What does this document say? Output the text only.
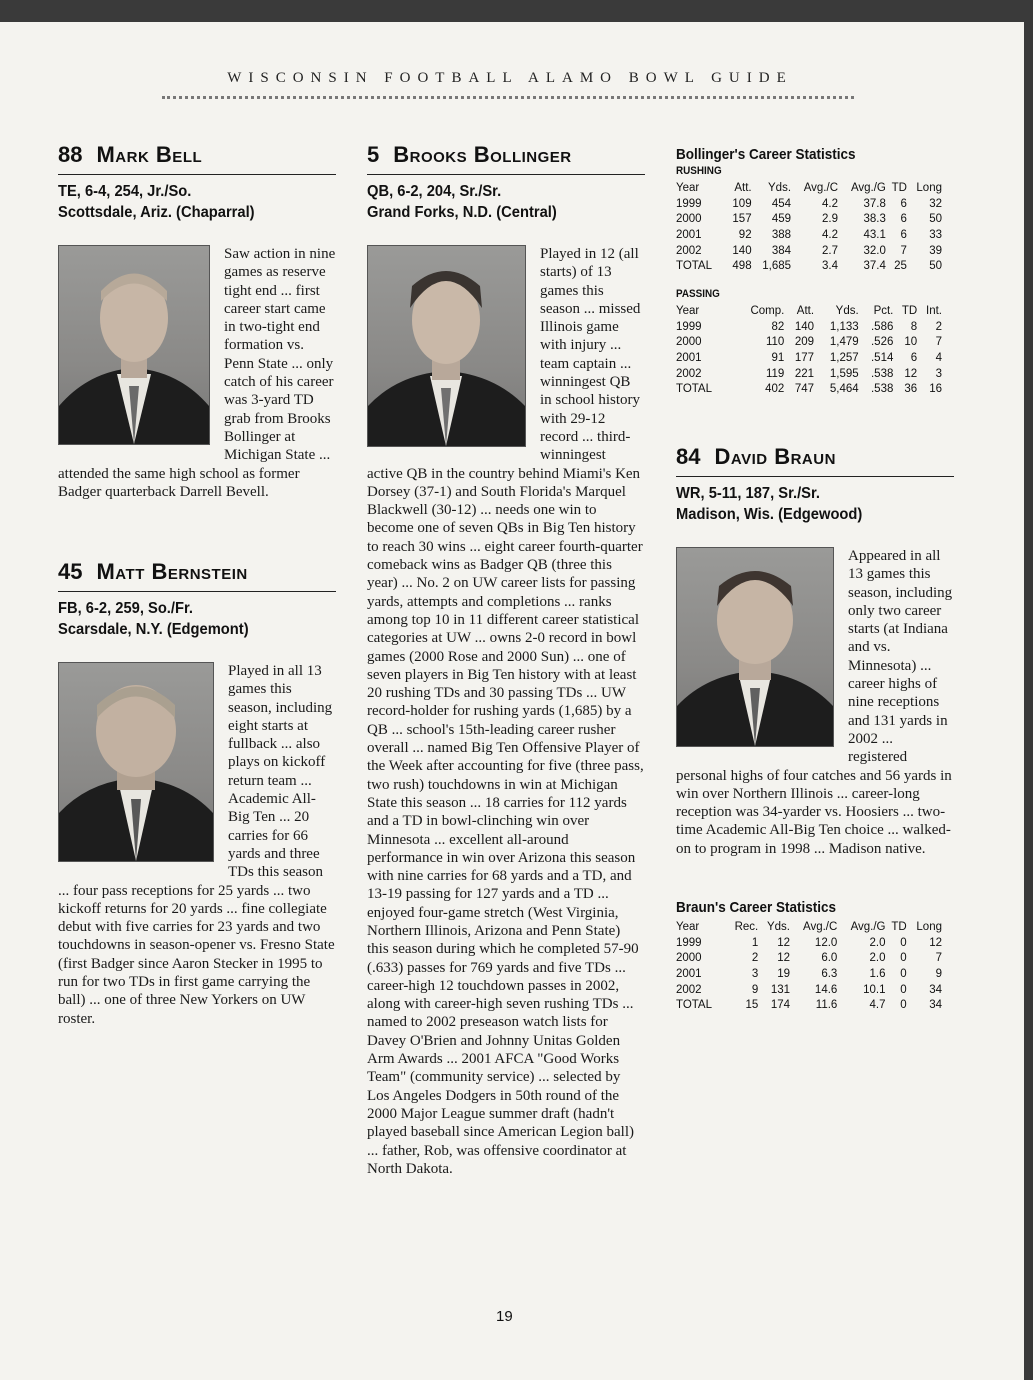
WISCONSIN FOOTBALL ALAMO BOWL GUIDE
88 Mark Bell
TE, 6-4, 254, Jr./So.
Scottsdale, Ariz. (Chaparral)
Saw action in nine games as reserve tight end ... first career start came in two-tight end formation vs. Penn State ... only catch of his career was 3-yard TD grab from Brooks Bollinger at Michigan State ... attended the same high school as former Badger quarterback Darrell Bevell.
45 Matt Bernstein
FB, 6-2, 259, So./Fr.
Scarsdale, N.Y. (Edgemont)
Played in all 13 games this season, including eight starts at fullback ... also plays on kickoff return team ... Academic All-Big Ten ... 20 carries for 66 yards and three TDs this season ... four pass receptions for 25 yards ... two kickoff returns for 20 yards ... fine collegiate debut with five carries for 23 yards and two touchdowns in season-opener vs. Fresno State (first Badger since Aaron Stecker in 1995 to run for two TDs in first game carrying the ball) ... one of three New Yorkers on UW roster.
5 Brooks Bollinger
QB, 6-2, 204, Sr./Sr.
Grand Forks, N.D. (Central)
Played in 12 (all starts) of 13 games this season ... missed Illinois game with injury ... team captain ... winningest QB in school history with 29-12 record ... third-winningest active QB in the country behind Miami's Ken Dorsey (37-1) and South Florida's Marquel Blackwell (30-12) ... needs one win to become one of seven QBs in Big Ten history to reach 30 wins ... eight career fourth-quarter comeback wins as Badger QB (three this year) ... No. 2 on UW career lists for passing yards, attempts and completions ... ranks among top 10 in 11 different career statistical categories at UW ... owns 2-0 record in bowl games (2000 Rose and 2000 Sun) ... one of seven players in Big Ten history with at least 20 rushing TDs and 30 passing TDs ... UW record-holder for rushing yards (1,685) by a QB ... school's 15th-leading career rusher overall ... named Big Ten Offensive Player of the Week after accounting for five (three pass, two rush) touchdowns in win at Michigan State this season ... 18 carries for 112 yards and a TD in bowl-clinching win over Minnesota ... excellent all-around performance in win over Arizona this season with nine carries for 68 yards and a TD, and 13-19 passing for 127 yards and a TD ... enjoyed four-game stretch (West Virginia, Northern Illinois, Arizona and Penn State) this season during which he completed 57-90 (.633) passes for 769 yards and five TDs ... career-high 12 touchdown passes in 2002, along with career-high seven rushing TDs ... named to 2002 preseason watch lists for Davey O'Brien and Johnny Unitas Golden Arm Awards ... 2001 AFCA "Good Works Team" (community service) ... selected by Los Angeles Dodgers in 50th round of the 2000 Major League summer draft (hadn't played baseball since American Legion ball) ... father, Rob, was offensive coordinator at North Dakota.
Bollinger's Career Statistics
RUSHING
Year	Att.	Yds.	Avg./C	Avg./G	TD	Long
1999	109	454	4.2	37.8	6	32
2000	157	459	2.9	38.3	6	50
2001	92	388	4.2	43.1	6	33
2002	140	384	2.7	32.0	7	39
TOTAL	498	1,685	3.4	37.4	25	50
PASSING
Year	Comp.	Att.	Yds.	Pct.	TD	Int.
1999	82	140	1,133	.586	8	2
2000	110	209	1,479	.526	10	7
2001	91	177	1,257	.514	6	4
2002	119	221	1,595	.538	12	3
TOTAL	402	747	5,464	.538	36	16
84 David Braun
WR, 5-11, 187, Sr./Sr.
Madison, Wis. (Edgewood)
Appeared in all 13 games this season, including only two career starts (at Indiana and vs. Minnesota) ... career highs of nine receptions and 131 yards in 2002 ... registered personal highs of four catches and 56 yards in win over Northern Illinois ... career-long reception was 34-yarder vs. Hoosiers ... two-time Academic All-Big Ten choice ... walked-on to program in 1998 ... Madison native.
Braun's Career Statistics
Year	Rec.	Yds.	Avg./C	Avg./G	TD	Long
1999	1	12	12.0	2.0	0	12
2000	2	12	6.0	2.0	0	7
2001	3	19	6.3	1.6	0	9
2002	9	131	14.6	10.1	0	34
TOTAL	15	174	11.6	4.7	0	34
19
